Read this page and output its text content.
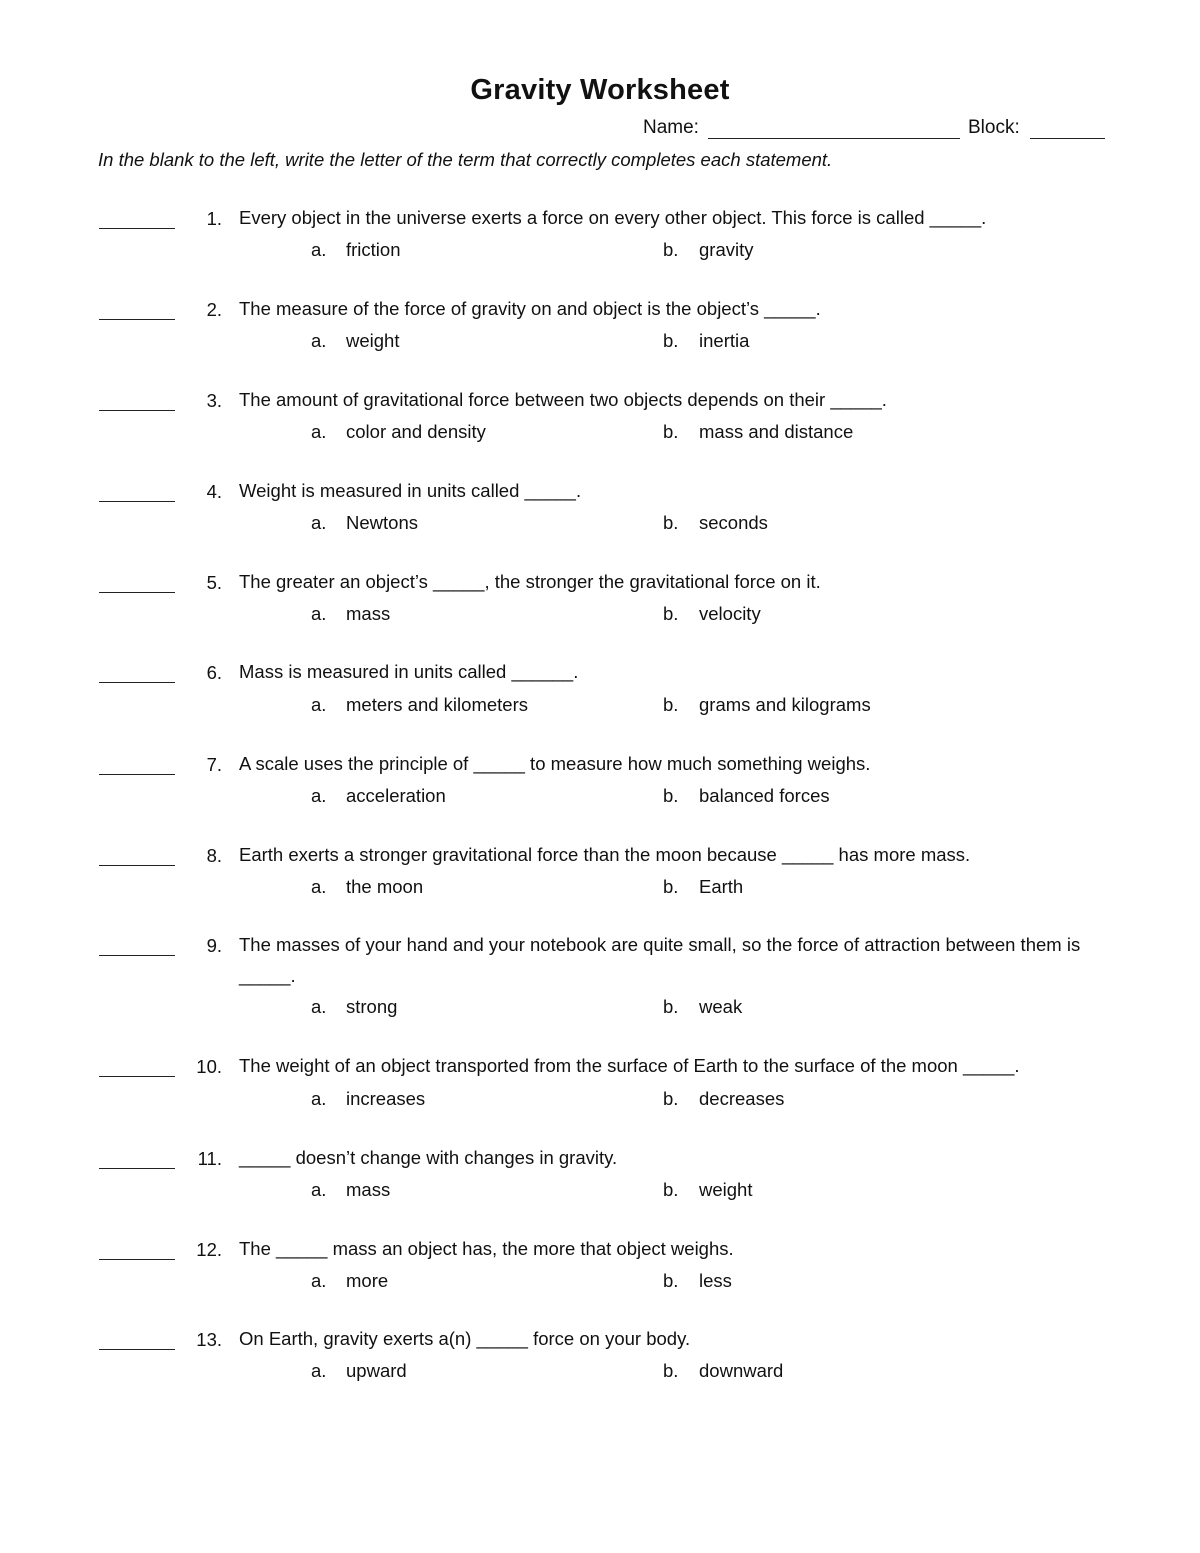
Gravity Worksheet
Name:	Block:
In the blank to the left, write the letter of the term that correctly completes each statement.
1. Every object in the universe exerts a force on every other object. This force is called _____.
a. friction	b. gravity
2. The measure of the force of gravity on and object is the object’s _____.
a. weight	b. inertia
3. The amount of gravitational force between two objects depends on their _____.
a. color and density	b. mass and distance
4. Weight is measured in units called _____.
a. Newtons	b. seconds
5. The greater an object’s _____, the stronger the gravitational force on it.
a. mass	b. velocity
6. Mass is measured in units called ______.
a. meters and kilometers	b. grams and kilograms
7. A scale uses the principle of _____ to measure how much something weighs.
a. acceleration	b. balanced forces
8. Earth exerts a stronger gravitational force than the moon because _____ has more mass.
a. the moon	b. Earth
9. The masses of your hand and your notebook are quite small, so the force of attraction between them is _____.
a. strong	b. weak
10. The weight of an object transported from the surface of Earth to the surface of the moon _____.
a. increases	b. decreases
11. _____ doesn’t change with changes in gravity.
a. mass	b. weight
12. The _____ mass an object has, the more that object weighs.
a. more	b. less
13. On Earth, gravity exerts a(n) _____ force on your body.
a. upward	b. downward
